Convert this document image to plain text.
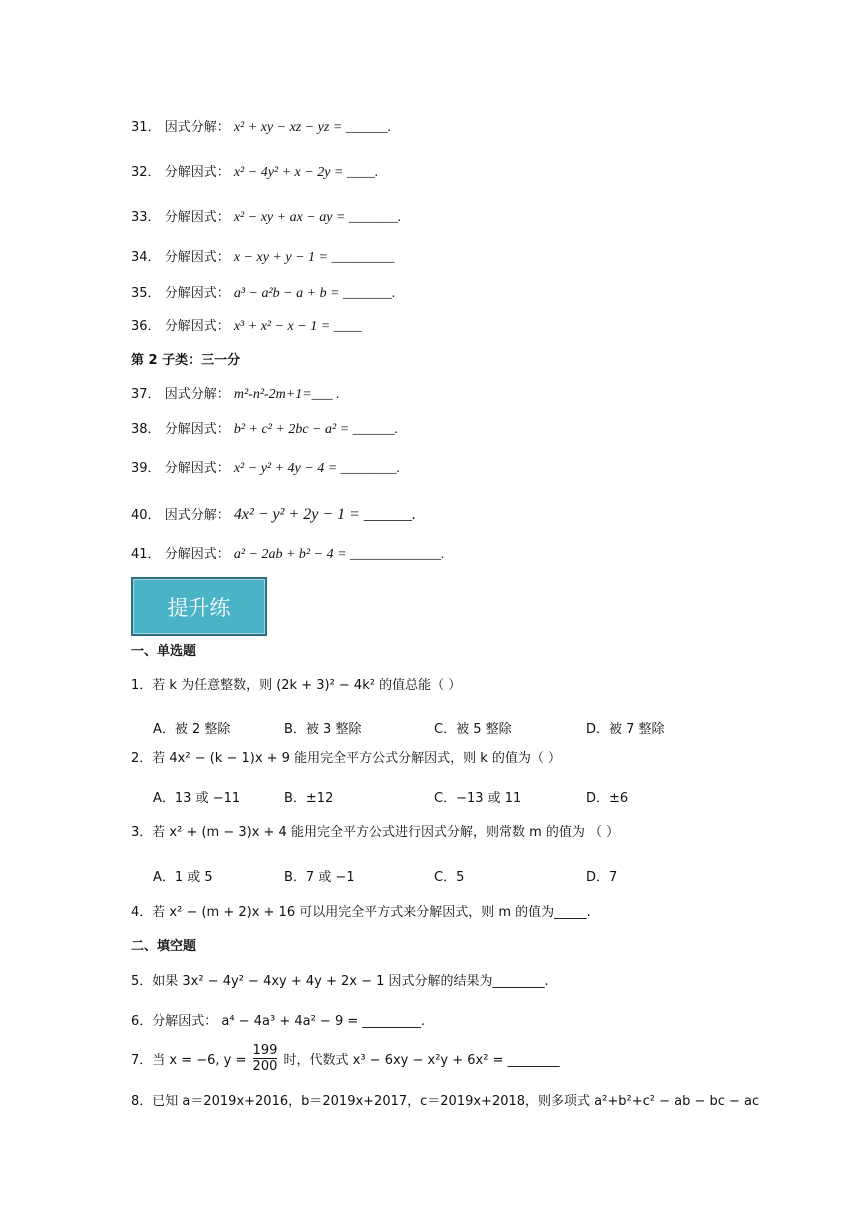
31． 因式分解： x² + xy − xz − yz = ______.
32． 分解因式： x² − 4y² + x − 2y = ____.
33． 分解因式： x² − xy + ax − ay = _______.
34． 分解因式： x − xy + y − 1 = _________
35． 分解因式： a³ − a²b − a + b = _______.
36． 分解因式： x³ + x² − x − 1 = ____
第 2 子类：三一分
37． 因式分解： m²-n²-2m+1=___ .
38． 分解因式： b² + c² + 2bc − a² = ______.
39． 分解因式： x² − y² + 4y − 4 = ________.
40． 因式分解： 4x² − y² + 2y − 1 = ______.
41． 分解因式： a² − 2ab + b² − 4 = _____________.
提升练
一、单选题
1．若 k 为任意整数，则 (2k + 3)² − 4k² 的值总能（ ）
A．被 2 整除	B．被 3 整除	C．被 5 整除	D．被 7 整除
2．若 4x² − (k − 1)x + 9 能用完全平方公式分解因式，则 k 的值为（ ）
A．13 或 −11	B．±12	C．−13 或 11	D．±6
3．若 x² + (m − 3)x + 4 能用完全平方公式进行因式分解，则常数 m 的值为 （ ）
A．1 或 5	B．7 或 −1	C．5	D．7
4．若 x² − (m + 2)x + 16 可以用完全平方式来分解因式，则 m 的值为_____.
二、填空题
5．如果 3x² − 4y² − 4xy + 4y + 2x − 1 因式分解的结果为________.
6．分解因式： a⁴ − 4a³ + 4a² − 9 = _________.
7．当 x = −6, $y = \frac{199}{200}$ 时，代数式 x³ − 6xy − x²y + 6x² = ________
8．已知 a＝2019x+2016，b＝2019x+2017，c＝2019x+2018，则多项式 a²+b²+c² − ab − bc − ac
